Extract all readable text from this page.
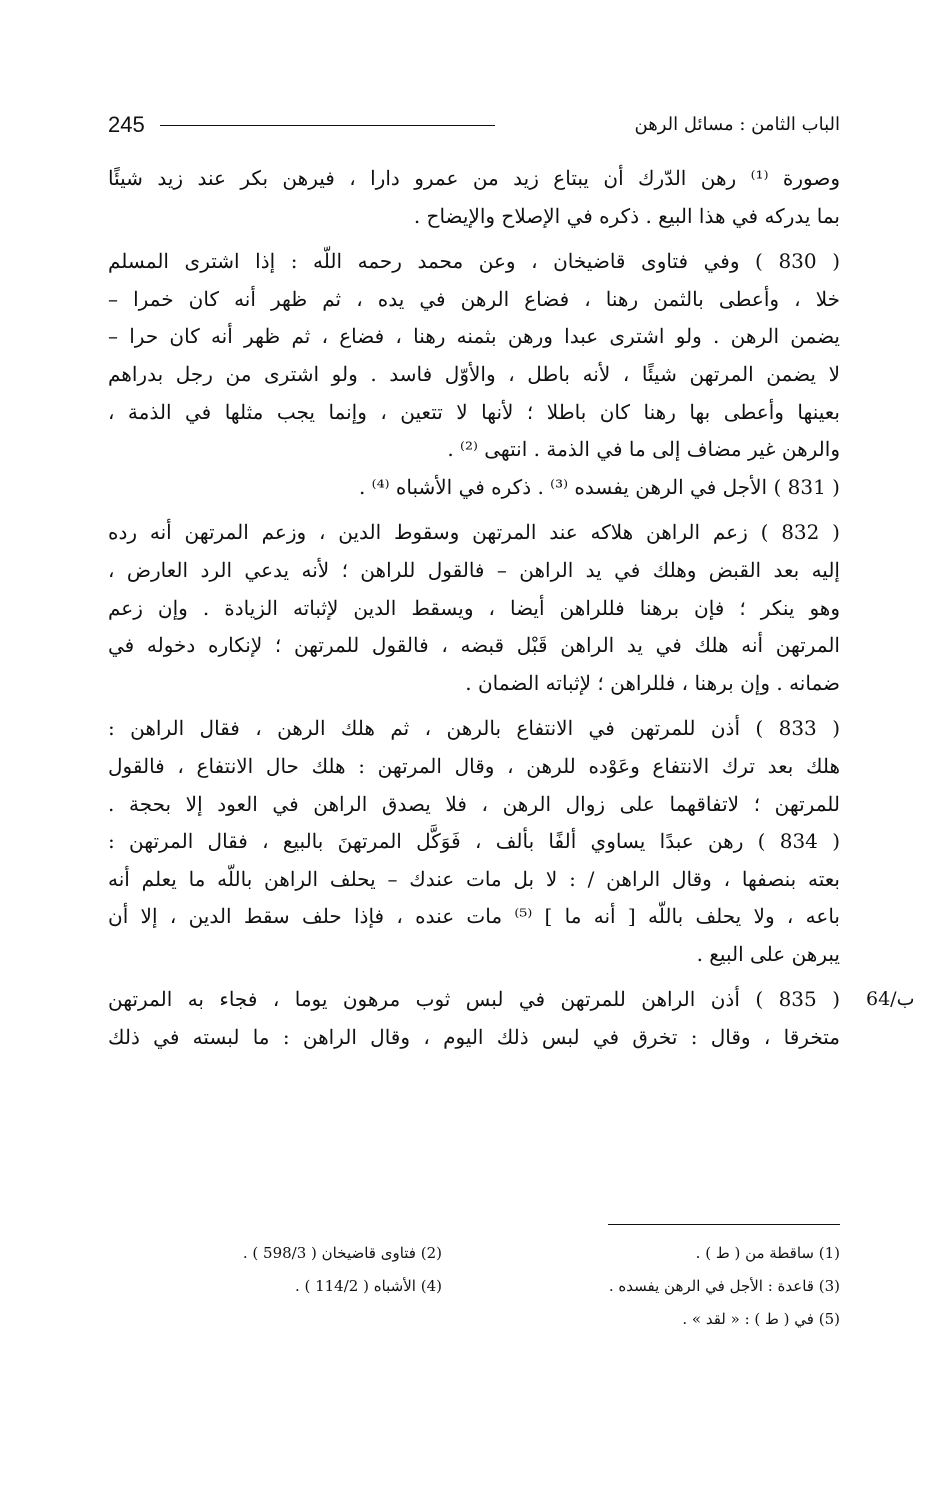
245	الباب الثامن : مسائل الرهن
وصورة ⁽¹⁾ رهن الدّرك أن يبتاع زيد من عمرو دارا ، فيرهن بكر عند زيد شيئًا
بما يدركه في هذا البيع . ذكره في الإصلاح والإيضاح .
( 830 ) وفي فتاوى قاضيخان ، وعن محمد رحمه اللّه : إذا اشترى المسلم
خلا ، وأعطى بالثمن رهنا ، فضاع الرهن في يده ، ثم ظهر أنه كان خمرا –
يضمن الرهن . ولو اشترى عبدا ورهن بثمنه رهنا ، فضاع ، ثم ظهر أنه كان حرا –
لا يضمن المرتهن شيئًا ، لأنه باطل ، والأوّل فاسد . ولو اشترى من رجل بدراهم
بعينها وأعطى بها رهنا كان باطلا ؛ لأنها لا تتعين ، وإنما يجب مثلها في الذمة ،
والرهن غير مضاف إلى ما في الذمة . انتهى ⁽²⁾ .
( 831 ) الأجل في الرهن يفسده ⁽³⁾ . ذكره في الأشباه ⁽⁴⁾ .
( 832 ) زعم الراهن هلاكه عند المرتهن وسقوط الدين ، وزعم المرتهن أنه رده
إليه بعد القبض وهلك في يد الراهن – فالقول للراهن ؛ لأنه يدعي الرد العارض ،
وهو ينكر ؛ فإن برهنا فللراهن أيضا ، ويسقط الدين لإثباته الزيادة . وإن زعم
المرتهن أنه هلك في يد الراهن قَبْل قبضه ، فالقول للمرتهن ؛ لإنكاره دخوله في
ضمانه . وإن برهنا ، فللراهن ؛ لإثباته الضمان .
( 833 ) أذن للمرتهن في الانتفاع بالرهن ، ثم هلك الرهن ، فقال الراهن :
هلك بعد ترك الانتفاع وعَوْده للرهن ، وقال المرتهن : هلك حال الانتفاع ، فالقول
للمرتهن ؛ لاتفاقهما على زوال الرهن ، فلا يصدق الراهن في العود إلا بحجة .
( 834 ) رهن عبدًا يساوي ألفًا بألف ، فَوَكَّل المرتهنَ بالبيع ، فقال المرتهن :
بعته بنصفها ، وقال الراهن / : لا بل مات عندك – يحلف الراهن باللّه ما يعلم أنه
باعه ، ولا يحلف باللّه [ أنه ما ] ⁽⁵⁾ مات عنده ، فإذا حلف سقط الدين ، إلا أن
يبرهن على البيع .
( 835 ) أذن الراهن للمرتهن في لبس ثوب مرهون يوما ، فجاء به المرتهن
متخرقا ، وقال : تخرق في لبس ذلك اليوم ، وقال الراهن : ما لبسته في ذلك
64/ب
(1) ساقطة من ( ط ) .
(2) فتاوى قاضيخان ( 598/3 ) .
(3) قاعدة : الأجل في الرهن يفسده .
(4) الأشباه ( 114/2 ) .
(5) في ( ط ) : « لقد » .
